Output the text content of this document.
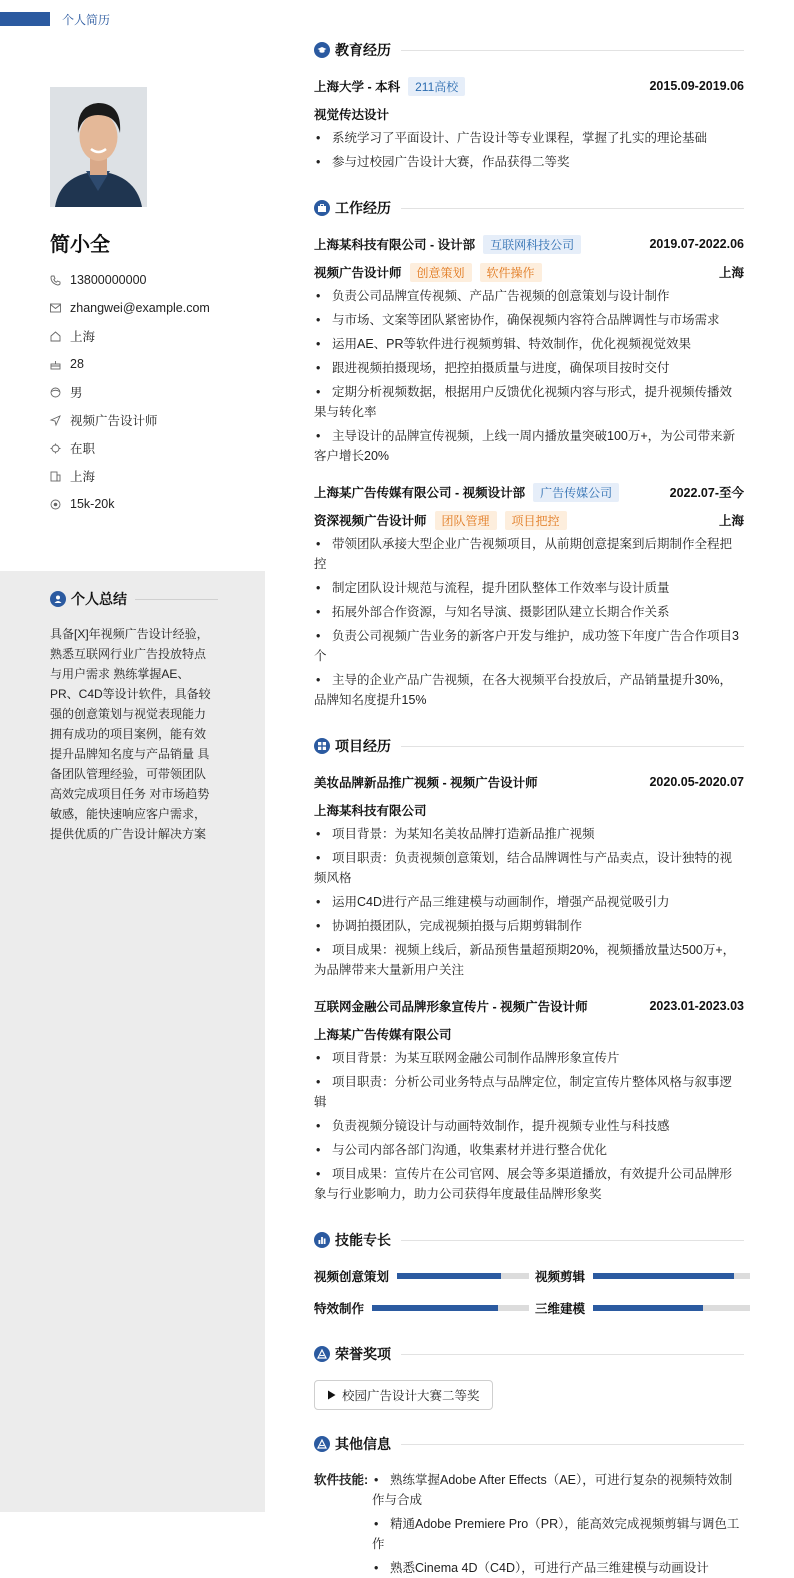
个人简历
简小全
13800000000
zhangwei@example.com
上海
28
男
视频广告设计师
在职
上海
15k-20k
个人总结
具备[X]年视频广告设计经验，熟悉互联网行业广告投放特点与用户需求 熟练掌握AE、PR、C4D等设计软件，具备较强的创意策划与视觉表现能力 拥有成功的项目案例，能有效提升品牌知名度与产品销量 具备团队管理经验，可带领团队高效完成项目任务 对市场趋势敏感，能快速响应客户需求，提供优质的广告设计解决方案
教育经历
上海大学 - 本科	211高校	2015.09-2019.06
视觉传达设计
• 系统学习了平面设计、广告设计等专业课程，掌握了扎实的理论基础
• 参与过校园广告设计大赛，作品获得二等奖
工作经历
上海某科技有限公司 - 设计部	互联网科技公司	2019.07-2022.06
视频广告设计师	创意策划	软件操作	上海
• 负责公司品牌宣传视频、产品广告视频的创意策划与设计制作
• 与市场、文案等团队紧密协作，确保视频内容符合品牌调性与市场需求
• 运用AE、PR等软件进行视频剪辑、特效制作，优化视频视觉效果
• 跟进视频拍摄现场，把控拍摄质量与进度，确保项目按时交付
• 定期分析视频数据，根据用户反馈优化视频内容与形式，提升视频传播效果与转化率
• 主导设计的品牌宣传视频，上线一周内播放量突破100万+，为公司带来新客户增长20%
上海某广告传媒有限公司 - 视频设计部	广告传媒公司	2022.07-至今
资深视频广告设计师	团队管理	项目把控	上海
• 带领团队承接大型企业广告视频项目，从前期创意提案到后期制作全程把控
• 制定团队设计规范与流程，提升团队整体工作效率与设计质量
• 拓展外部合作资源，与知名导演、摄影团队建立长期合作关系
• 负责公司视频广告业务的新客户开发与维护，成功签下年度广告合作项目3个
• 主导的企业产品广告视频，在各大视频平台投放后，产品销量提升30%，品牌知名度提升15%
项目经历
美妆品牌新品推广视频 - 视频广告设计师	2020.05-2020.07
上海某科技有限公司
• 项目背景：为某知名美妆品牌打造新品推广视频
• 项目职责：负责视频创意策划，结合品牌调性与产品卖点，设计独特的视频风格
• 运用C4D进行产品三维建模与动画制作，增强产品视觉吸引力
• 协调拍摄团队，完成视频拍摄与后期剪辑制作
• 项目成果：视频上线后，新品预售量超预期20%，视频播放量达500万+，为品牌带来大量新用户关注
互联网金融公司品牌形象宣传片 - 视频广告设计师	2023.01-2023.03
上海某广告传媒有限公司
• 项目背景：为某互联网金融公司制作品牌形象宣传片
• 项目职责：分析公司业务特点与品牌定位，制定宣传片整体风格与叙事逻辑
• 负责视频分镜设计与动画特效制作，提升视频专业性与科技感
• 与公司内部各部门沟通，收集素材并进行整合优化
• 项目成果：宣传片在公司官网、展会等多渠道播放，有效提升公司品牌形象与行业影响力，助力公司获得年度最佳品牌形象奖
技能专长
视频创意策划	视频剪辑
特效制作	三维建模
荣誉奖项
校园广告设计大赛二等奖
其他信息
软件技能:
•	熟练掌握Adobe After Effects（AE），可进行复杂的视频特效制作与合成
• 精通Adobe Premiere Pro（PR），能高效完成视频剪辑与调色工作
• 熟悉Cinema 4D（C4D），可进行产品三维建模与动画设计
